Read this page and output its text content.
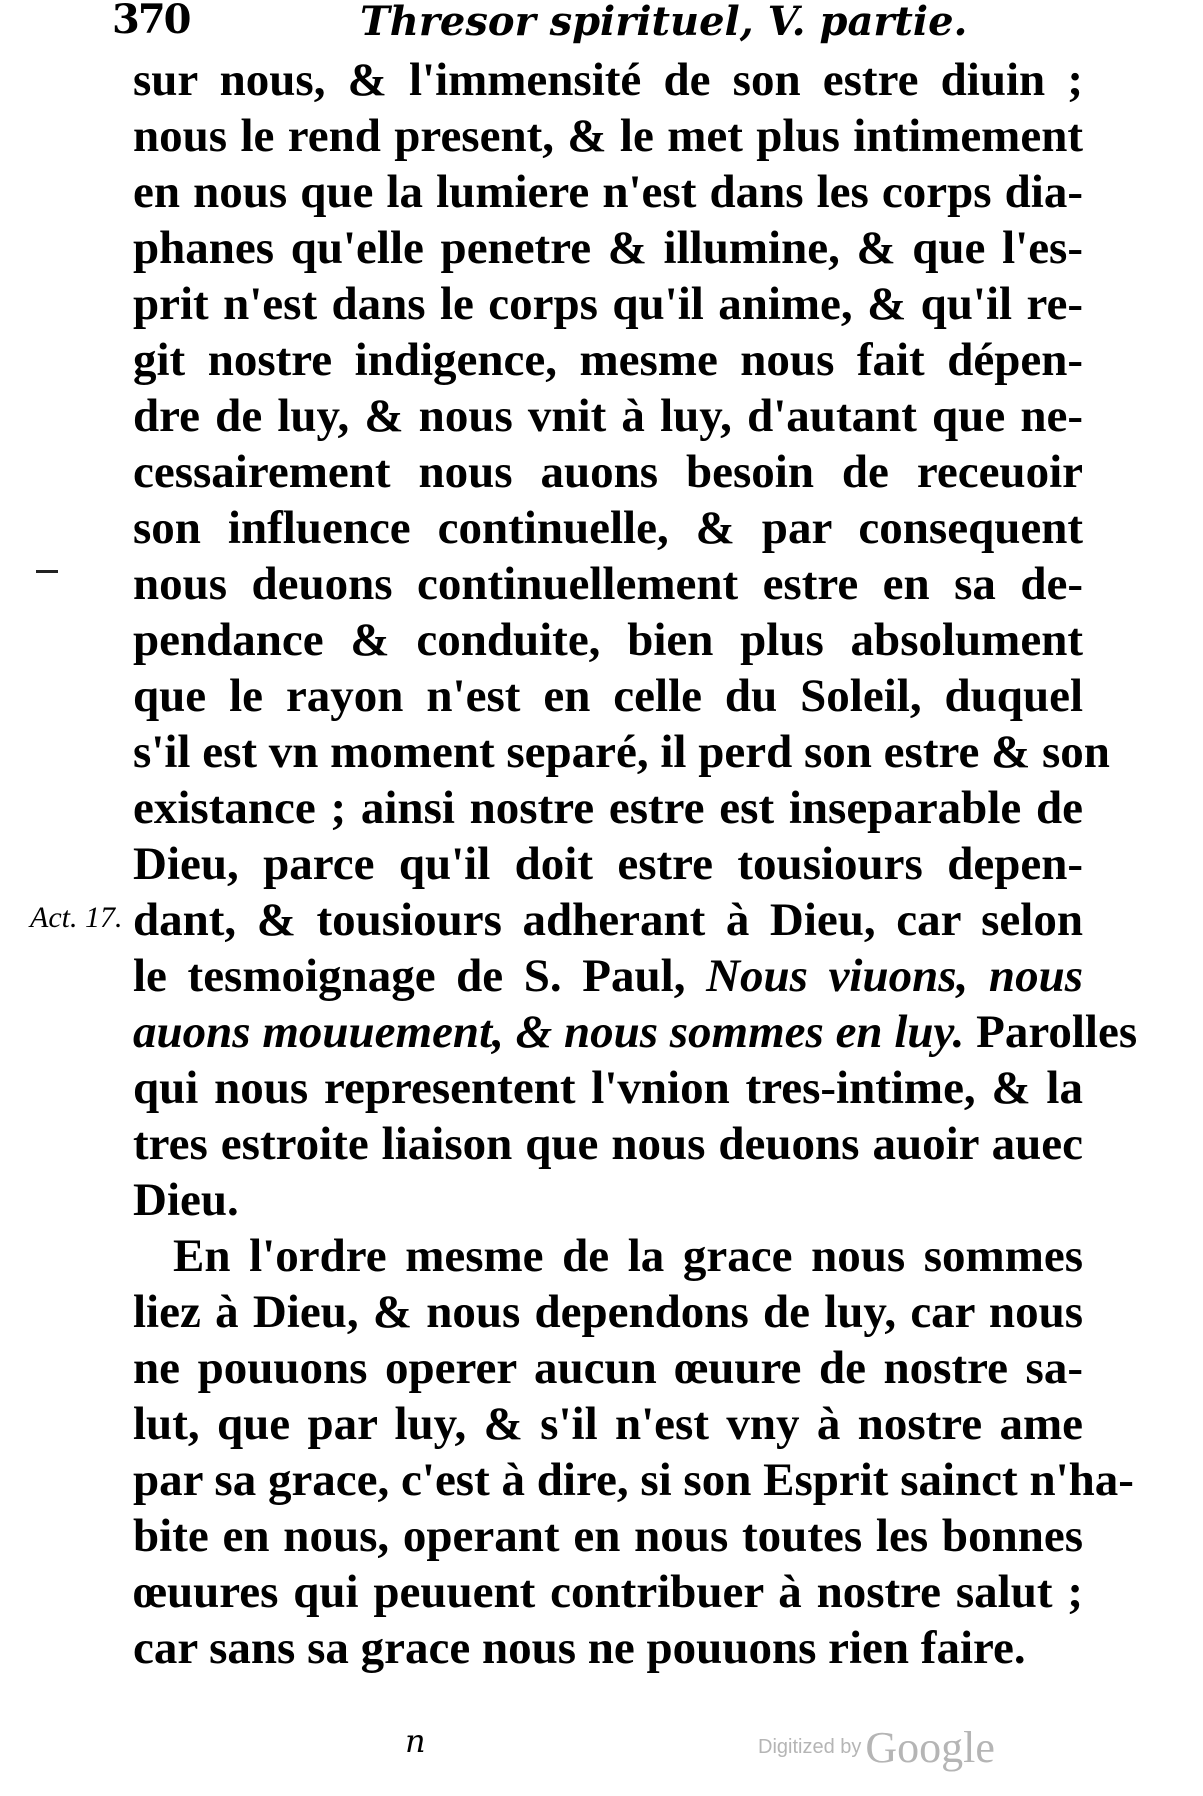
370	Thresor spirituel, V. partie.
Act. 17.
sur nous, & l'immensité de son estre diuin ;
nous le rend present, & le met plus intimement
en nous que la lumiere n'est dans les corps dia-
phanes qu'elle penetre & illumine, & que l'es-
prit n'est dans le corps qu'il anime, & qu'il re-
git nostre indigence, mesme nous fait dépen-
dre de luy, & nous vnit à luy, d'autant que ne-
cessairement nous auons besoin de receuoir
son influence continuelle, & par consequent
nous deuons continuellement estre en sa de-
pendance & conduite, bien plus absolument
que le rayon n'est en celle du Soleil, duquel
s'il est vn moment separé, il perd son estre & son
existance ; ainsi nostre estre est inseparable de
Dieu, parce qu'il doit estre tousiours depen-
dant, & tousiours adherant à Dieu, car selon
le tesmoignage de S. Paul, Nous viuons, nous
auons mouuement, & nous sommes en luy. Parolles
qui nous representent l'vnion tres-intime, & la
tres estroite liaison que nous deuons auoir auec
Dieu.
En l'ordre mesme de la grace nous sommes
liez à Dieu, & nous dependons de luy, car nous
ne pouuons operer aucun œuure de nostre sa-
lut, que par luy, & s'il n'est vny à nostre ame
par sa grace, c'est à dire, si son Esprit sainct n'ha-
bite en nous, operant en nous toutes les bonnes
œuures qui peuuent contribuer à nostre salut ;
car sans sa grace nous ne pouuons rien faire.
n	Digitized byGoogle
